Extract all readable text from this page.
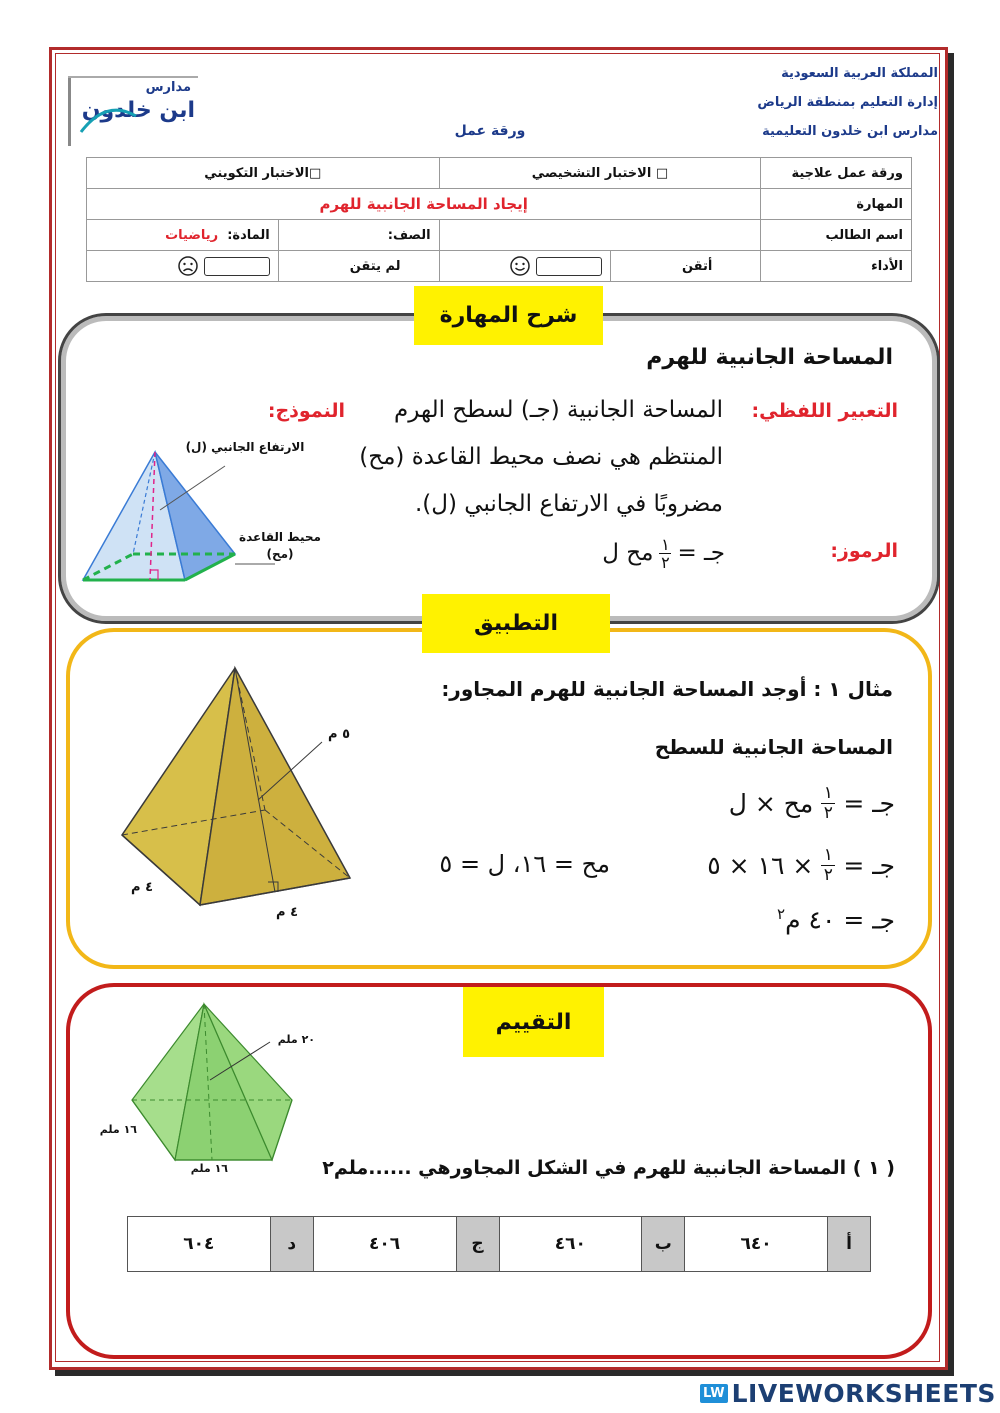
المملكة العربية السعودية
إدارة التعليم بمنطقة الرياض
مدارس ابن خلدون التعليمية
ورقة عمل
مدارس
ابن خلدون
ورقة عمل علاجية	□ الاختبار التشخيصي		□الاختبار التكويني	
المهارة	إيجاد المساحة الجانبية للهرم			
اسم الطالب			الصف:	المادة:  رياضيات
الأداء	أتقن		لم يتقن	
شرح المهارة
المساحة الجانبية للهرم
التعبير اللفظي:
المساحة الجانبية (جـ) لسطح الهرم
المنتظم هي نصف محيط القاعدة (مح)
مضروبًا في الارتفاع الجانبي (ل).
الرموز:
جـ =
١
٢
مح ل
النموذج:
الارتفاع الجانبي (ل)
محيط القاعدة
(مح)
التطبيق
مثال ١ : أوجد المساحة الجانبية للهرم المجاور:
المساحة الجانبية للسطح
جـ =
١
٢
مح × ل
جـ =
١
٢
× ١٦ × ٥
مح = ١٦، ل = ٥
جـ = ٤٠ م$^٢$
٥ م
٤ م
٤ م
التقييم
٢٠ ملم
١٦ ملم
١٦ ملم	( ١ ) المساحة الجانبية للهرم في الشكل المجاورهي ......ملم٢
أ	٦٤٠	ب	٤٦٠	ج	٤٠٦	د	٦٠٤
LW LIVEWORKSHEETS
